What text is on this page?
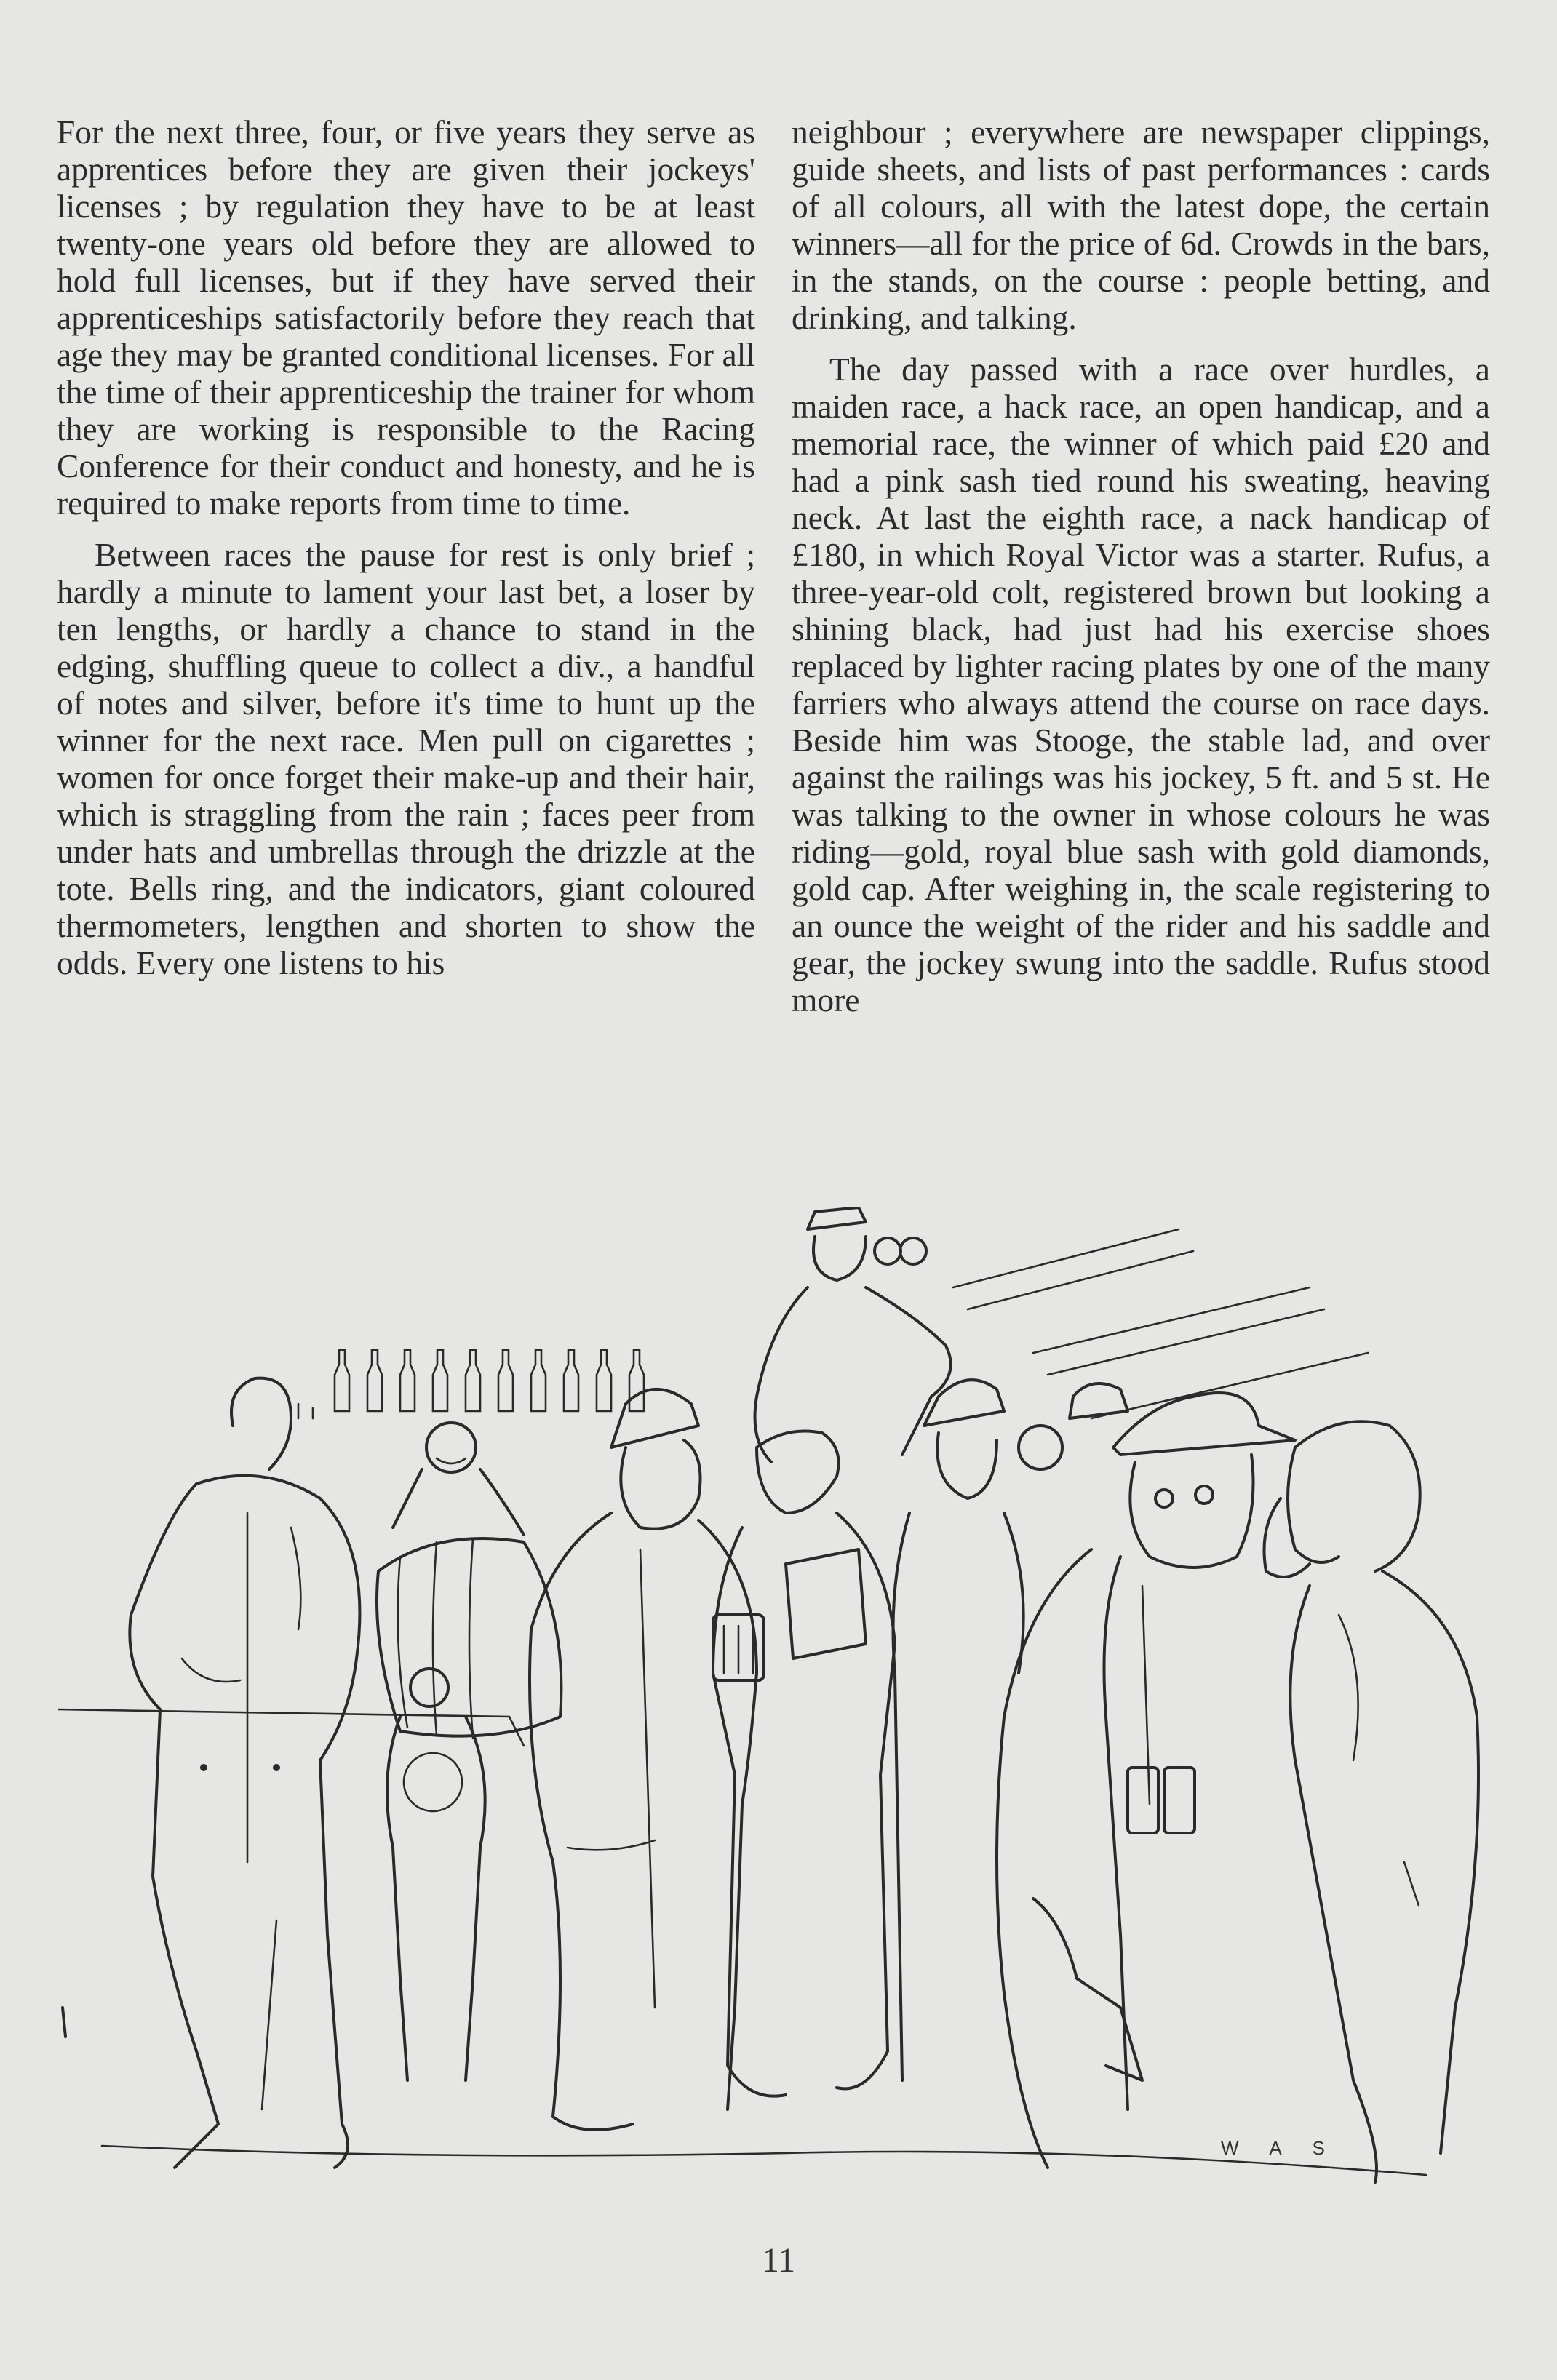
For the next three, four, or five years they serve as apprentices before they are given their jockeys' licenses ; by regulation they have to be at least twenty-one years old before they are allowed to hold full licenses, but if they have served their apprenticeships satisfactorily before they reach that age they may be granted conditional licenses. For all the time of their apprenticeship the trainer for whom they are working is responsible to the Racing Conference for their conduct and honesty, and he is required to make reports from time to time.

Between races the pause for rest is only brief ; hardly a minute to lament your last bet, a loser by ten lengths, or hardly a chance to stand in the edging, shuffling queue to collect a div., a handful of notes and silver, before it's time to hunt up the winner for the next race. Men pull on cigarettes ; women for once forget their make-up and their hair, which is straggling from the rain ; faces peer from under hats and umbrellas through the drizzle at the tote. Bells ring, and the indicators, giant coloured thermometers, lengthen and shorten to show the odds. Every one listens to his

neighbour ; everywhere are newspaper clippings, guide sheets, and lists of past performances : cards of all colours, all with the latest dope, the certain winners—all for the price of 6d. Crowds in the bars, in the stands, on the course : people betting, and drinking, and talking.

The day passed with a race over hurdles, a maiden race, a hack race, an open handicap, and a memorial race, the winner of which paid £20 and had a pink sash tied round his sweating, heaving neck. At last the eighth race, a nack handicap of £180, in which Royal Victor was a starter. Rufus, a three-year-old colt, registered brown but looking a shining black, had just had his exercise shoes replaced by lighter racing plates by one of the many farriers who always attend the course on race days. Beside him was Stooge, the stable lad, and over against the railings was his jockey, 5 ft. and 5 st. He was talking to the owner in whose colours he was riding—gold, royal blue sash with gold diamonds, gold cap. After weighing in, the scale registering to an ounce the weight of the rider and his saddle and gear, the jockey swung into the saddle. Rufus stood more

W A S
11
